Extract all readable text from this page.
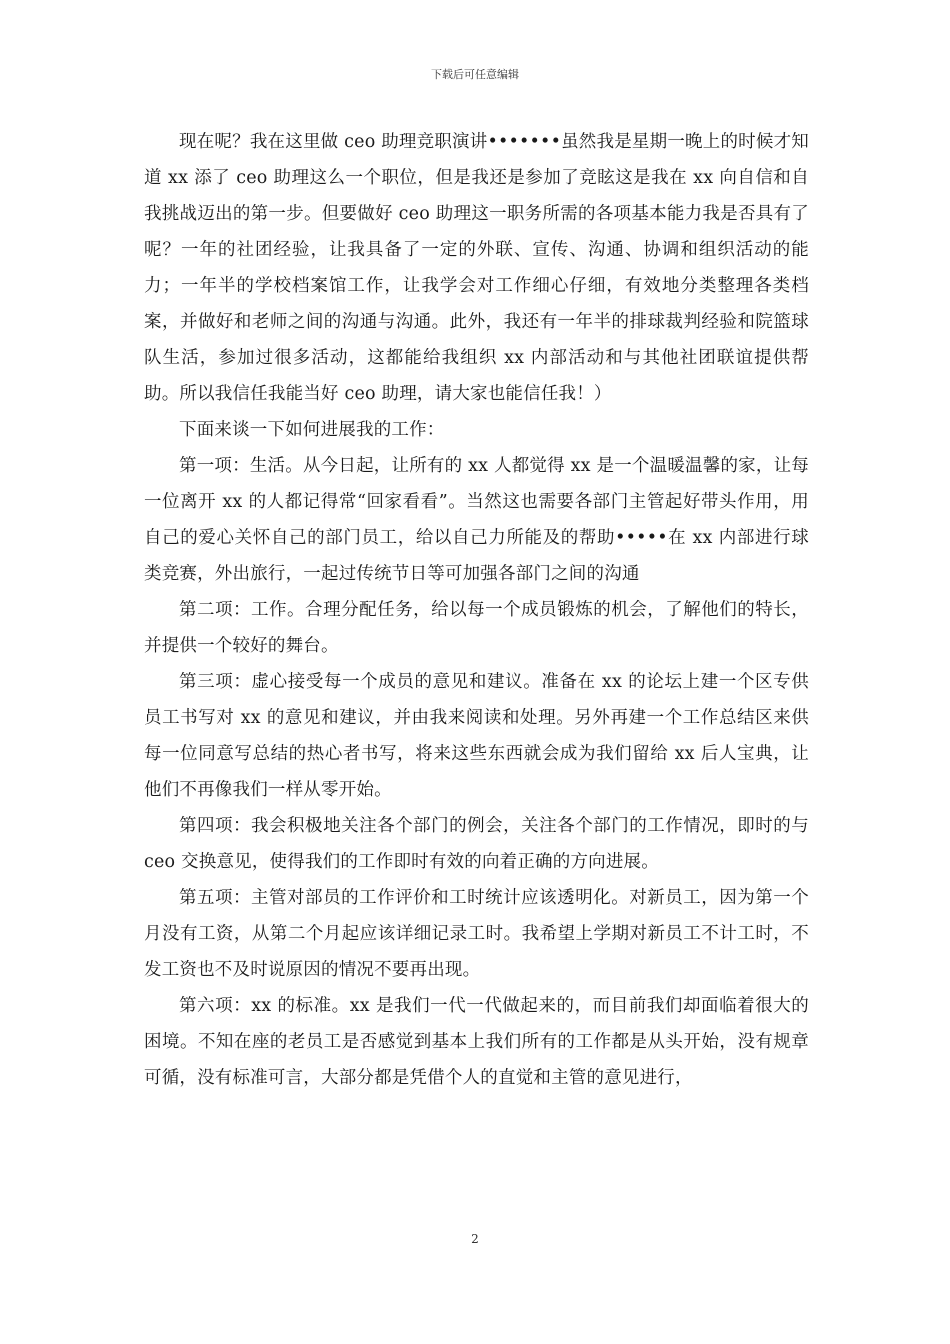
下载后可任意编辑

现在呢？我在这里做 ceo 助理竞职演讲•••••••虽然我是星期一晚上的时候才知道 xx 添了 ceo 助理这么一个职位，但是我还是参加了竞眩这是我在 xx 向自信和自我挑战迈出的第一步。但要做好 ceo 助理这一职务所需的各项基本能力我是否具有了呢？一年的社团经验，让我具备了一定的外联、宣传、沟通、协调和组织活动的能力；一年半的学校档案馆工作，让我学会对工作细心仔细，有效地分类整理各类档案，并做好和老师之间的沟通与沟通。此外，我还有一年半的排球裁判经验和院篮球队生活，参加过很多活动，这都能给我组织 xx 内部活动和与其他社团联谊提供帮助。所以我信任我能当好 ceo 助理，请大家也能信任我！）

下面来谈一下如何进展我的工作：

第一项：生活。从今日起，让所有的 xx 人都觉得 xx 是一个温暖温馨的家，让每一位离开 xx 的人都记得常“回家看看”。当然这也需要各部门主管起好带头作用，用自己的爱心关怀自己的部门员工，给以自己力所能及的帮助•••••在 xx 内部进行球类竞赛，外出旅行，一起过传统节日等可加强各部门之间的沟通

第二项：工作。合理分配任务，给以每一个成员锻炼的机会，了解他们的特长，并提供一个较好的舞台。

第三项：虚心接受每一个成员的意见和建议。准备在 xx 的论坛上建一个区专供员工书写对 xx 的意见和建议，并由我来阅读和处理。另外再建一个工作总结区来供每一位同意写总结的热心者书写，将来这些东西就会成为我们留给 xx 后人宝典，让他们不再像我们一样从零开始。

第四项：我会积极地关注各个部门的例会，关注各个部门的工作情况，即时的与 ceo 交换意见，使得我们的工作即时有效的向着正确的方向进展。

第五项：主管对部员的工作评价和工时统计应该透明化。对新员工，因为第一个月没有工资，从第二个月起应该详细记录工时。我希望上学期对新员工不计工时，不发工资也不及时说原因的情况不要再出现。

第六项：xx 的标准。xx 是我们一代一代做起来的，而目前我们却面临着很大的困境。不知在座的老员工是否感觉到基本上我们所有的工作都是从头开始，没有规章可循，没有标准可言，大部分都是凭借个人的直觉和主管的意见进行，

2
